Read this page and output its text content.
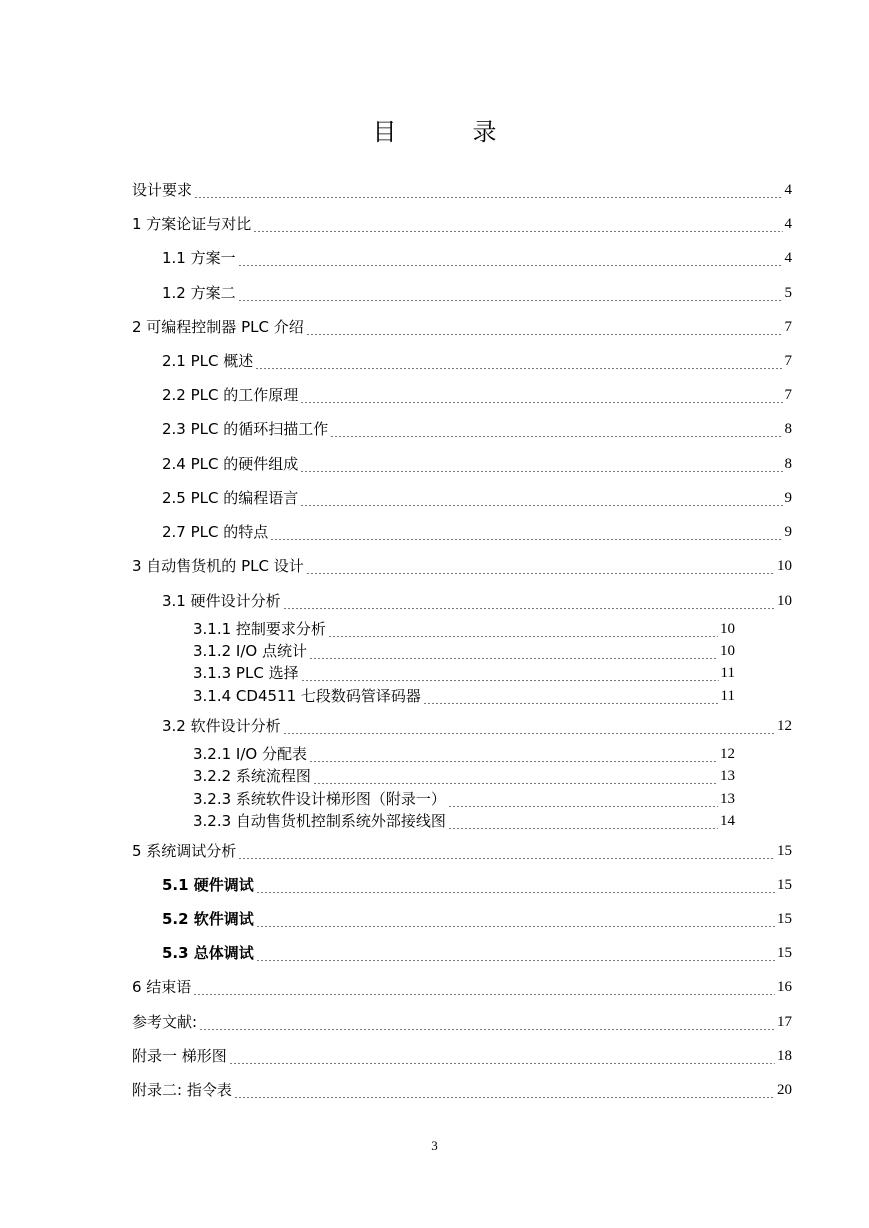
目　录
设计要求	4
1 方案论证与对比	4
1.1 方案一	4
1.2 方案二	5
2 可编程控制器 PLC 介绍	7
2.1 PLC 概述	7
2.2 PLC 的工作原理	7
2.3 PLC 的循环扫描工作	8
2.4 PLC 的硬件组成	8
2.5 PLC 的编程语言	9
2.7 PLC 的特点	9
3 自动售货机的 PLC 设计	10
3.1 硬件设计分析	10
3.1.1 控制要求分析	10
3.1.2 I/O 点统计	10
3.1.3 PLC 选择	11
3.1.4 CD4511 七段数码管译码器	11
3.2 软件设计分析	12
3.2.1 I/O 分配表	12
3.2.2 系统流程图	13
3.2.3 系统软件设计梯形图（附录一）	13
3.2.3 自动售货机控制系统外部接线图	14
5 系统调试分析	15
5.1 硬件调试	15
5.2 软件调试	15
5.3 总体调试	15
6 结束语	16
参考文献:	17
附录一 梯形图	18
附录二: 指令表	20
3
